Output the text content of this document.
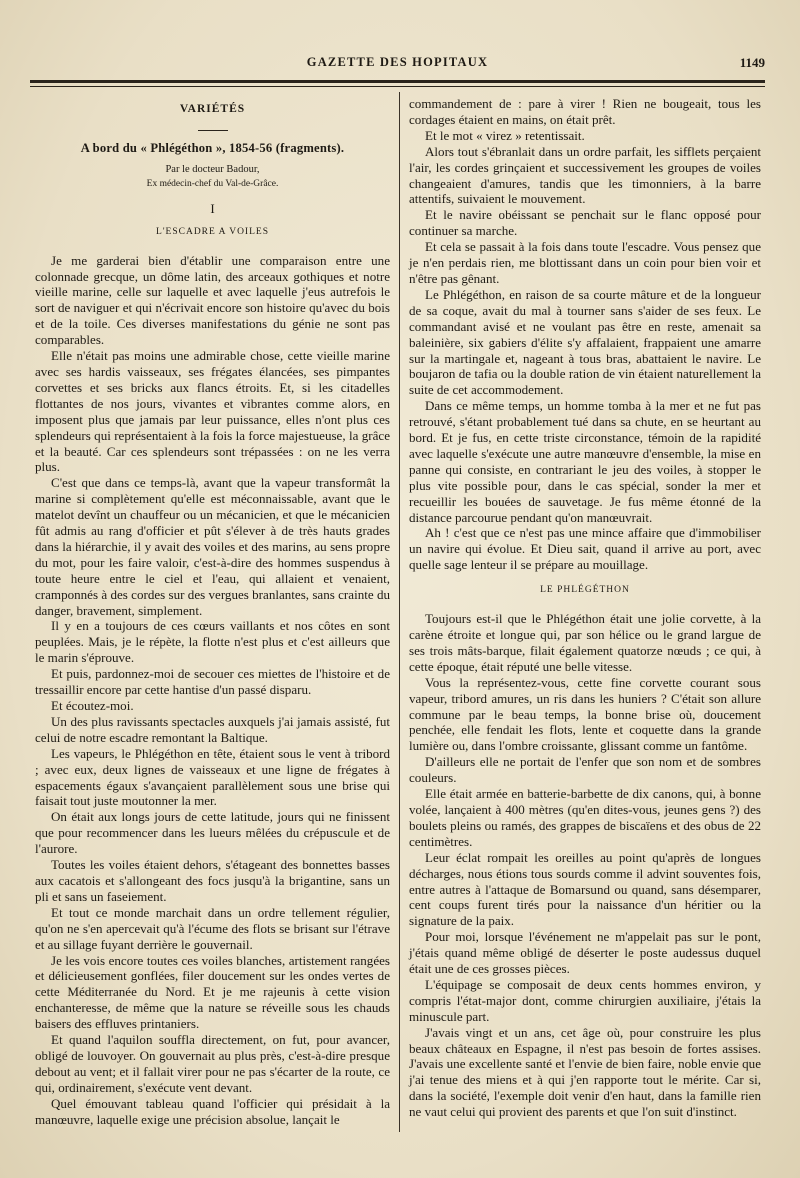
GAZETTE DES HOPITAUX	1149
VARIÉTÉS
A bord du « Phlégéthon », 1854-56 (fragments).
Par le docteur Badour,
Ex médecin-chef du Val-de-Grâce.
I
L'ESCADRE A VOILES

Je me garderai bien d'établir une comparaison entre une colonnade grecque, un dôme latin, des arceaux gothiques et notre vieille marine, celle sur laquelle et avec laquelle j'eus autrefois le sort de naviguer et qui n'écrivait encore son histoire qu'avec du bois et de la toile. Ces diverses manifestations du génie ne sont pas comparables.

Elle n'était pas moins une admirable chose, cette vieille marine avec ses hardis vaisseaux, ses frégates élancées, ses pimpantes corvettes et ses bricks aux flancs étroits. Et, si les citadelles flottantes de nos jours, vivantes et vibrantes comme alors, en imposent plus que jamais par leur puissance, elles n'ont plus ces splendeurs qui représentaient à la fois la force majestueuse, la grâce et la beauté. Car ces splendeurs sont trépassées : on ne les verra plus.

C'est que dans ce temps-là, avant que la vapeur transformât la marine si complètement qu'elle est méconnaissable, avant que le matelot devînt un chauffeur ou un mécanicien, et que le mécanicien fût admis au rang d'officier et pût s'élever à de très hauts grades dans la hiérarchie, il y avait des voiles et des marins, au sens propre du mot, pour les faire valoir, c'est-à-dire des hommes suspendus à toute heure entre le ciel et l'eau, qui allaient et venaient, cramponnés à des cordes sur des vergues branlantes, sans crainte du danger, bravement, simplement.

Il y en a toujours de ces cœurs vaillants et nos côtes en sont peuplées. Mais, je le répète, la flotte n'est plus et c'est ailleurs que le marin s'éprouve.

Et puis, pardonnez-moi de secouer ces miettes de l'histoire et de tressaillir encore par cette hantise d'un passé disparu.

Et écoutez-moi.

Un des plus ravissants spectacles auxquels j'ai jamais assisté, fut celui de notre escadre remontant la Baltique.

Les vapeurs, le Phlégéthon en tête, étaient sous le vent à tribord ; avec eux, deux lignes de vaisseaux et une ligne de frégates à espacements égaux s'avançaient parallèlement sous une brise qui faisait tout juste moutonner la mer.

On était aux longs jours de cette latitude, jours qui ne finissent que pour recommencer dans les lueurs mêlées du crépuscule et de l'aurore.

Toutes les voiles étaient dehors, s'étageant des bonnettes basses aux cacatois et s'allongeant des focs jusqu'à la brigantine, sans un pli et sans un faseiement.

Et tout ce monde marchait dans un ordre tellement régulier, qu'on ne s'en apercevait qu'à l'écume des flots se brisant sur l'étrave et au sillage fuyant derrière le gouvernail.

Je les vois encore toutes ces voiles blanches, artistement rangées et délicieusement gonflées, filer doucement sur les ondes vertes de cette Méditerranée du Nord. Et je me rajeunis à cette vision enchanteresse, de même que la nature se réveille sous les chauds baisers des effluves printaniers.

Et quand l'aquilon souffla directement, on fut, pour avancer, obligé de louvoyer. On gouvernait au plus près, c'est-à-dire presque debout au vent; et il fallait virer pour ne pas s'écarter de la route, ce qui, ordinairement, s'exécute vent devant.

Quel émouvant tableau quand l'officier qui présidait à la manœuvre, laquelle exige une précision absolue, lançait le

commandement de : pare à virer ! Rien ne bougeait, tous les cordages étaient en mains, on était prêt.

Et le mot « virez » retentissait.

Alors tout s'ébranlait dans un ordre parfait, les sifflets perçaient l'air, les cordes grinçaient et successivement les groupes de voiles changeaient d'amures, tandis que les timonniers, à la barre attentifs, suivaient le mouvement.

Et le navire obéissant se penchait sur le flanc opposé pour continuer sa marche.

Et cela se passait à la fois dans toute l'escadre. Vous pensez que je n'en perdais rien, me blottissant dans un coin pour bien voir et n'être pas gênant.

Le Phlégéthon, en raison de sa courte mâture et de la longueur de sa coque, avait du mal à tourner sans s'aider de ses feux. Le commandant avisé et ne voulant pas être en reste, amenait sa baleinière, six gabiers d'élite s'y affalaient, frappaient une amarre sur la martingale et, nageant à tous bras, abattaient le navire. Le boujaron de tafia ou la double ration de vin étaient naturellement la suite de cet accommodement.

Dans ce même temps, un homme tomba à la mer et ne fut pas retrouvé, s'étant probablement tué dans sa chute, en se heurtant au bord. Et je fus, en cette triste circonstance, témoin de la rapidité avec laquelle s'exécute une autre manœuvre d'ensemble, la mise en panne qui consiste, en contrariant le jeu des voiles, à stopper le plus vite possible pour, dans le cas spécial, sonder la mer et recueillir les bouées de sauvetage. Je fus même étonné de la distance parcourue pendant qu'on manœuvrait.

Ah ! c'est que ce n'est pas une mince affaire que d'immobiliser un navire qui évolue. Et Dieu sait, quand il arrive au port, avec quelle sage lenteur il se prépare au mouillage.

LE PHLÉGÉTHON

Toujours est-il que le Phlégéthon était une jolie corvette, à la carène étroite et longue qui, par son hélice ou le grand largue de ses trois mâts-barque, filait également quatorze nœuds ; ce qui, à cette époque, était réputé une belle vitesse.

Vous la représentez-vous, cette fine corvette courant sous vapeur, tribord amures, un ris dans les huniers ? C'était son allure commune par le beau temps, la bonne brise où, doucement penchée, elle fendait les flots, lente et coquette dans la grande lumière ou, dans l'ombre croissante, glissant comme un fantôme.

D'ailleurs elle ne portait de l'enfer que son nom et de sombres couleurs.

Elle était armée en batterie-barbette de dix canons, qui, à bonne volée, lançaient à 400 mètres (qu'en dites-vous, jeunes gens ?) des boulets pleins ou ramés, des grappes de biscaïens et des obus de 22 centimètres.

Leur éclat rompait les oreilles au point qu'après de longues décharges, nous étions tous sourds comme il advint souventes fois, entre autres à l'attaque de Bomarsund ou quand, sans désemparer, cent coups furent tirés pour la naissance d'un héritier ou la signature de la paix.

Pour moi, lorsque l'événement ne m'appelait pas sur le pont, j'étais quand même obligé de déserter le poste audessus duquel était une de ces grosses pièces.

L'équipage se composait de deux cents hommes environ, y compris l'état-major dont, comme chirurgien auxiliaire, j'étais la minuscule part.

J'avais vingt et un ans, cet âge où, pour construire les plus beaux châteaux en Espagne, il n'est pas besoin de fortes assises. J'avais une excellente santé et l'envie de bien faire, noble envie que j'ai tenue des miens et à qui j'en rapporte tout le mérite. Car si, dans la société, l'exemple doit venir d'en haut, dans la famille rien ne vaut celui qui provient des parents et que l'on suit d'instinct.
